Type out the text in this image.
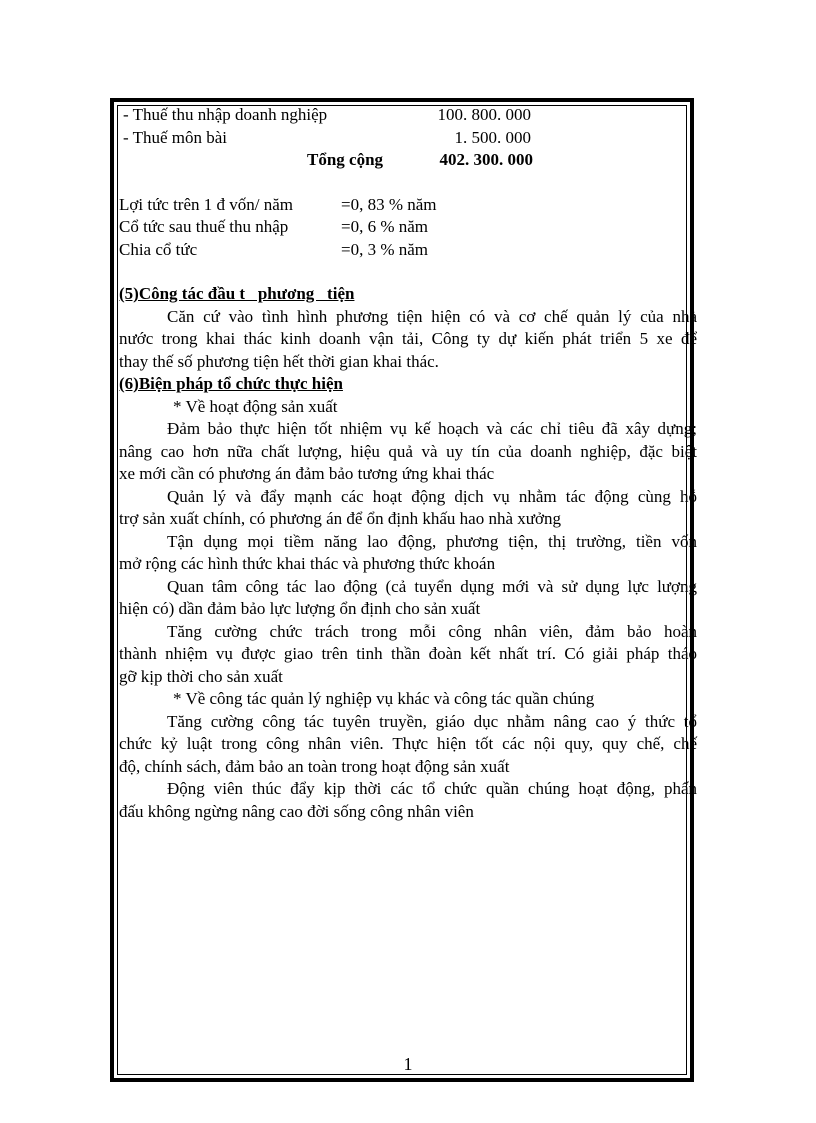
- Thuế thu nhập doanh nghiệp	100. 800. 000
- Thuế môn bài	1. 500. 000
Tổng cộng	402. 300. 000
Lợi tức trên 1 đ vốn/ năm	=0, 83 % năm
Cổ tức sau thuế thu nhập	=0, 6 % năm
Chia cổ tức	=0, 3 % năm
(5)Công tác đầu t   phương   tiện
Căn cứ vào tình hình phương tiện hiện có và cơ chế quản lý của nhà
nước trong khai thác kinh doanh vận tải, Công ty dự kiến phát triển 5 xe để
thay thế số phương tiện hết thời gian khai thác.
(6)Biện pháp tổ chức thực hiện
* Về hoạt động sản xuất
Đảm bảo thực hiện tốt nhiệm vụ kế hoạch và các chỉ tiêu đã xây dựng;
nâng cao hơn nữa chất lượng, hiệu quả và uy tín của doanh nghiệp, đặc biệt
xe mới cần có phương án đảm bảo tương ứng khai thác
Quản lý và đẩy mạnh các hoạt động dịch vụ nhằm tác động cùng hỗ
trợ sản xuất chính, có phương án để ổn định khấu hao nhà xưởng
Tận dụng mọi tiềm năng lao động, phương tiện, thị trường, tiền vốn
mở rộng các hình thức khai thác và phương thức khoán
Quan tâm công tác lao động (cả tuyển dụng mới và sử dụng lực lượng
hiện có) dần đảm bảo lực lượng ổn định cho sản xuất
Tăng cường chức trách trong mỗi công nhân viên, đảm bảo hoàn
thành nhiệm vụ được giao trên tinh thần đoàn kết nhất trí. Có giải pháp tháo
gỡ kịp thời cho sản xuất
* Về công tác quản lý nghiệp vụ khác và công tác quần chúng
Tăng cường công tác tuyên truyền, giáo dục nhằm nâng cao ý thức tổ
chức kỷ luật trong công nhân viên. Thực hiện tốt các nội quy, quy chế, chế
độ, chính sách, đảm bảo an toàn trong hoạt động sản xuất
Động viên thúc đẩy kịp thời các tổ chức quần chúng hoạt động, phấn
đấu không ngừng nâng cao đời sống công nhân viên
1
